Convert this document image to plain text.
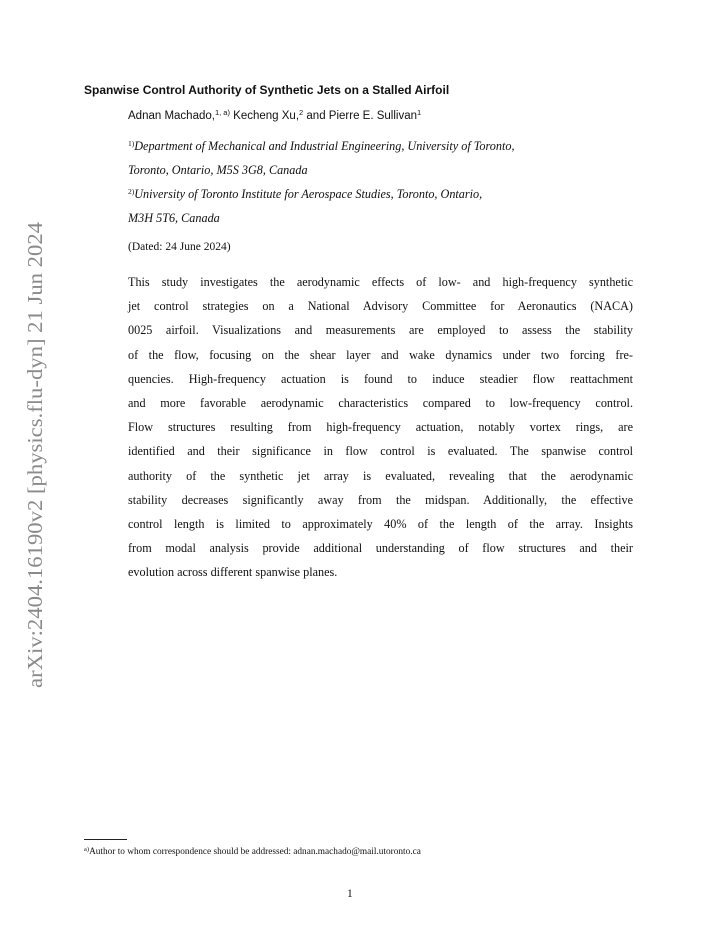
arXiv:2404.16190v2 [physics.flu-dyn] 21 Jun 2024
Spanwise Control Authority of Synthetic Jets on a Stalled Airfoil
Adnan Machado,$^{1, a)}$ Kecheng Xu,$^2$ and Pierre E. Sullivan$^1$
$^{1)}$Department of Mechanical and Industrial Engineering, University of Toronto,
Toronto, Ontario, M5S 3G8, Canada
$^{2)}$University of Toronto Institute for Aerospace Studies, Toronto, Ontario,
M3H 5T6, Canada
(Dated: 24 June 2024)
This study investigates the aerodynamic effects of low- and high-frequency synthetic
jet control strategies on a National Advisory Committee for Aeronautics (NACA)
0025 airfoil. Visualizations and measurements are employed to assess the stability
of the flow, focusing on the shear layer and wake dynamics under two forcing fre-
quencies. High-frequency actuation is found to induce steadier flow reattachment
and more favorable aerodynamic characteristics compared to low-frequency control.
Flow structures resulting from high-frequency actuation, notably vortex rings, are
identified and their significance in flow control is evaluated. The spanwise control
authority of the synthetic jet array is evaluated, revealing that the aerodynamic
stability decreases significantly away from the midspan. Additionally, the effective
control length is limited to approximately 40% of the length of the array. Insights
from modal analysis provide additional understanding of flow structures and their
evolution across different spanwise planes.
$^{a)}$Author to whom correspondence should be addressed: adnan.machado@mail.utoronto.ca
1
